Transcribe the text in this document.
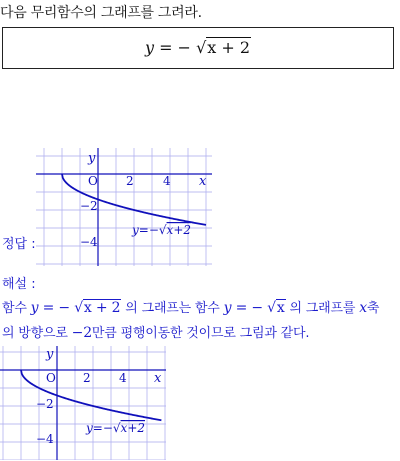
다음 무리함수의 그래프를 그려라.
y = − √x + 2
y
x
O 2 4
−2
−4
y=−√x+2
정답 :
해설 :
함수 y = − √x + 2 의 그래프는 함수 y = − √x 의 그래프를 x축
의 방향으로 −2만큼 평행이동한 것이므로 그림과 같다.
y
x
O 2 4
−2
−4
y=−√x+2
